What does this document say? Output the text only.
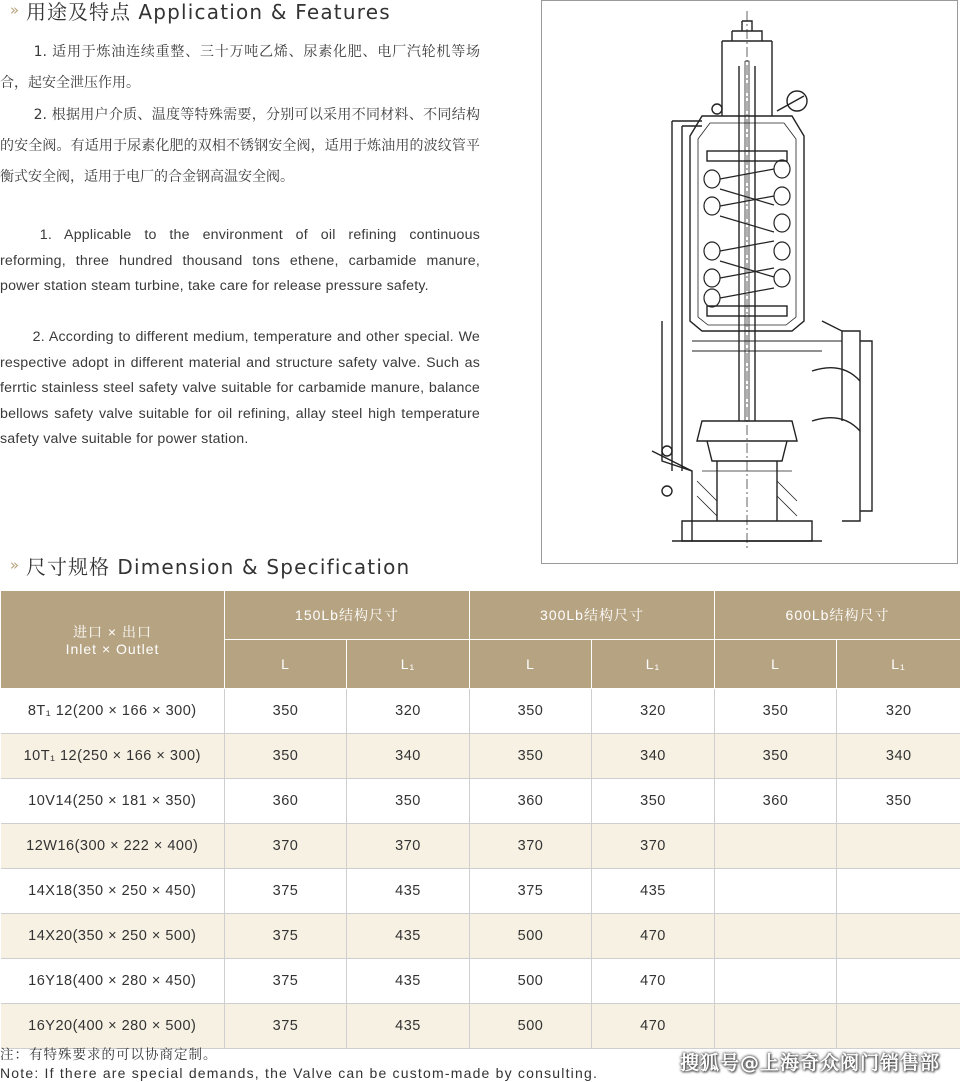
» 用途及特点 Application & Features

1. 适用于炼油连续重整、三十万吨乙烯、尿素化肥、电厂汽轮机等场合，起安全泄压作用。

2. 根据用户介质、温度等特殊需要，分别可以采用不同材料、不同结构的安全阀。有适用于尿素化肥的双相不锈钢安全阀，适用于炼油用的波纹管平衡式安全阀，适用于电厂的合金钢高温安全阀。

1. Applicable to the environment of oil refining continuous reforming, three hundred thousand tons ethene, carbamide manure, power station steam turbine, take care for release pressure safety.

2. According to different medium, temperature and other special. We respective adopt in different material and structure safety valve. Such as ferrtic stainless steel safety valve suitable for carbamide manure, balance bellows safety valve suitable for oil refining, allay steel high temperature safety valve suitable for power station.

» 尺寸规格 Dimension & Specification
进口 × 出口
Inlet × Outlet	150Lb结构尺寸		300Lb结构尺寸		600Lb结构尺寸	
	L	L₁	L	L₁	L	L₁
8T₁ 12(200 × 166 × 300)	350	320	350	320	350	320
10T₁ 12(250 × 166 × 300)	350	340	350	340	350	340
10V14(250 × 181 × 350)	360	350	360	350	360	350
12W16(300 × 222 × 400)	370	370	370	370		
14X18(350 × 250 × 450)	375	435	375	435		
14X20(350 × 250 × 500)	375	435	500	470		
16Y18(400 × 280 × 450)	375	435	500	470		
16Y20(400 × 280 × 500)	375	435	500	470		
注：有特殊要求的可以协商定制。
Note: If there are special demands, the Valve can be custom-made by consulting.	搜狐号@上海奇众阀门销售部
